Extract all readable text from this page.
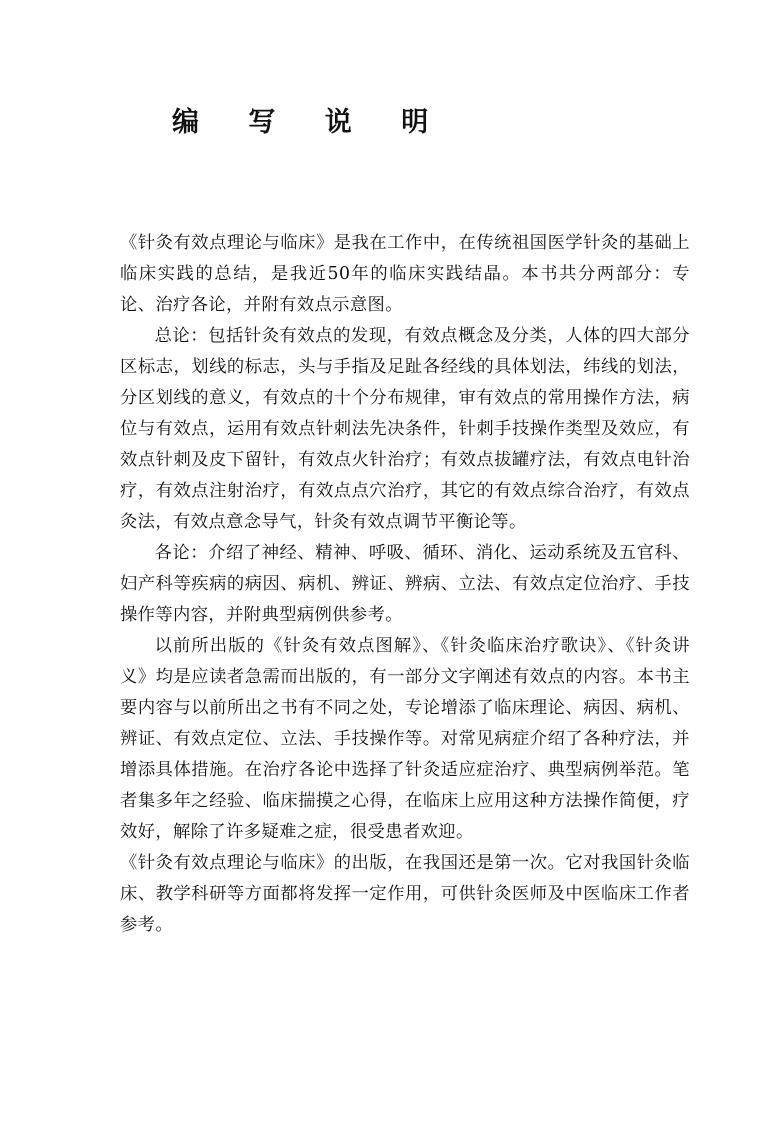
编 写 说 明

《针灸有效点理论与临床》是我在工作中，在传统祖国医学针灸的基础上临床实践的总结，是我近50年的临床实践结晶。本书共分两部分：专论、治疗各论，并附有效点示意图。

总论：包括针灸有效点的发现，有效点概念及分类，人体的四大部分区标志，划线的标志，头与手指及足趾各经线的具体划法，纬线的划法，分区划线的意义，有效点的十个分布规律，审有效点的常用操作方法，病位与有效点，运用有效点针刺法先决条件，针刺手技操作类型及效应，有效点针刺及皮下留针，有效点火针治疗；有效点拔罐疗法，有效点电针治疗，有效点注射治疗，有效点点穴治疗，其它的有效点综合治疗，有效点灸法，有效点意念导气，针灸有效点调节平衡论等。

各论：介绍了神经、精神、呼吸、循环、消化、运动系统及五官科、妇产科等疾病的病因、病机、辨证、辨病、立法、有效点定位治疗、手技操作等内容，并附典型病例供参考。

以前所出版的《针灸有效点图解》、《针灸临床治疗歌诀》、《针灸讲义》均是应读者急需而出版的，有一部分文字阐述有效点的内容。本书主要内容与以前所出之书有不同之处，专论增添了临床理论、病因、病机、辨证、有效点定位、立法、手技操作等。对常见病症介绍了各种疗法，并增添具体措施。在治疗各论中选择了针灸适应症治疗、典型病例举范。笔者集多年之经验、临床揣摸之心得，在临床上应用这种方法操作简便，疗效好，解除了许多疑难之症，很受患者欢迎。

《针灸有效点理论与临床》的出版，在我国还是第一次。它对我国针灸临床、教学科研等方面都将发挥一定作用，可供针灸医师及中医临床工作者参考。
